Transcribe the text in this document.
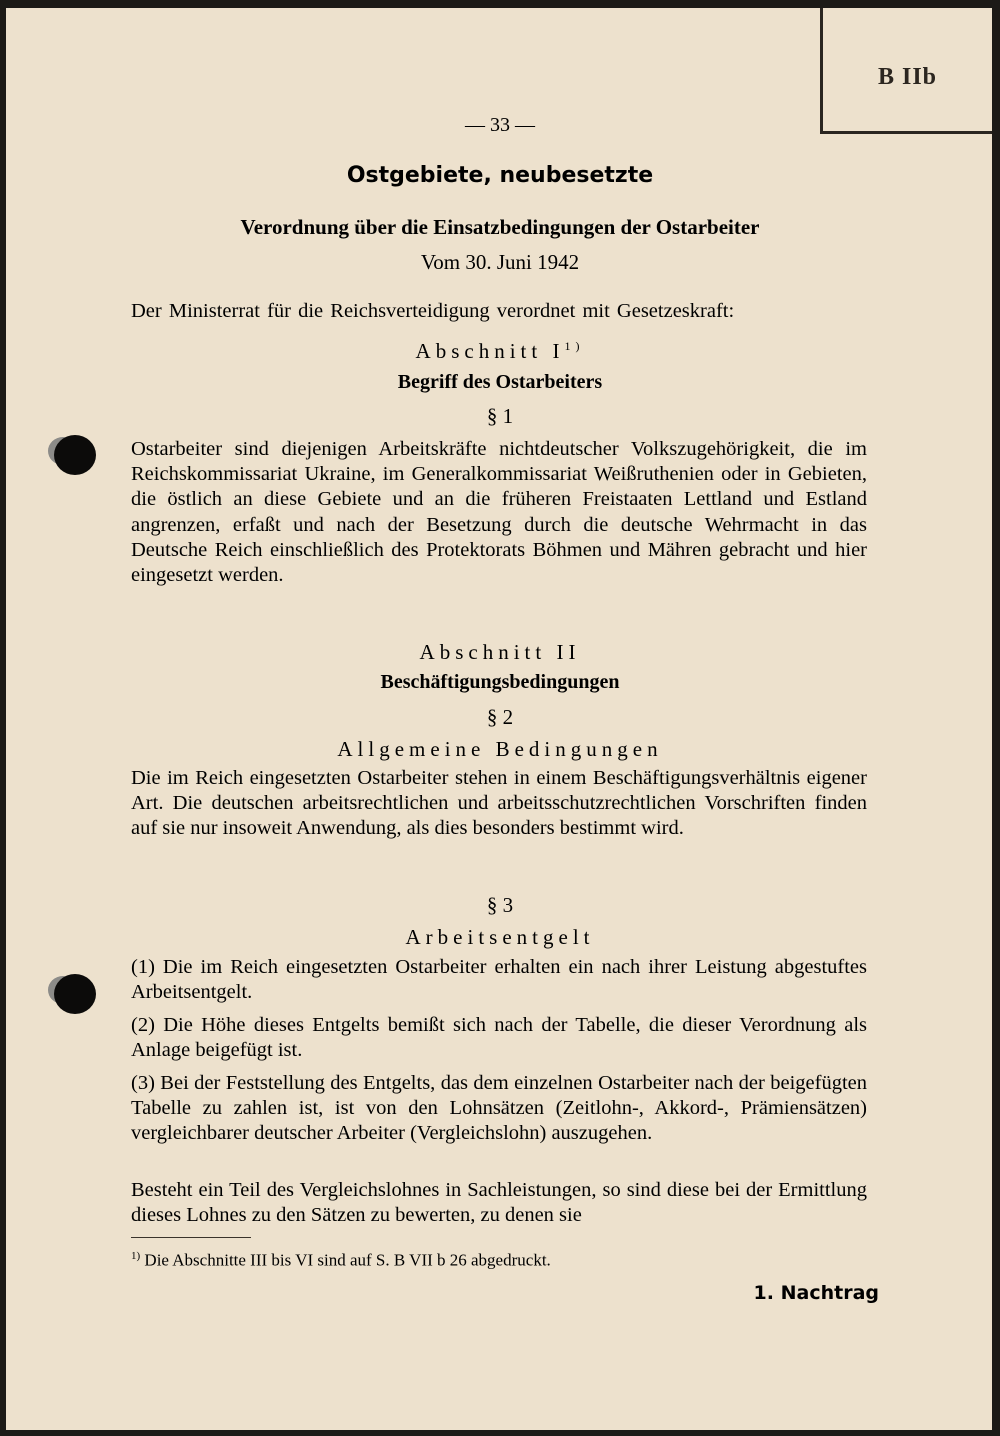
B IIb
— 33 —
Ostgebiete, neubesetzte
Verordnung über die Einsatzbedingungen der Ostarbeiter
Vom 30. Juni 1942
Der Ministerrat für die Reichsverteidigung verordnet mit Gesetzeskraft:
Abschnitt $I^{1)}$
Begriff des Ostarbeiters
§ 1

Ostarbeiter sind diejenigen Arbeitskräfte nichtdeutscher Volkszugehörigkeit, die im Reichskommissariat Ukraine, im Generalkommissariat Weißruthenien oder in Gebieten, die östlich an diese Gebiete und an die früheren Freistaaten Lettland und Estland angrenzen, erfaßt und nach der Besetzung durch die deutsche Wehrmacht in das Deutsche Reich einschließlich des Protektorats Böhmen und Mähren gebracht und hier eingesetzt werden.

Abschnitt II
Beschäftigungsbedingungen
§ 2
Allgemeine Bedingungen

Die im Reich eingesetzten Ostarbeiter stehen in einem Beschäftigungsverhältnis eigener Art. Die deutschen arbeitsrechtlichen und arbeitsschutzrechtlichen Vorschriften finden auf sie nur insoweit Anwendung, als dies besonders bestimmt wird.

§ 3
Arbeitsentgelt

(1) Die im Reich eingesetzten Ostarbeiter erhalten ein nach ihrer Leistung abgestuftes Arbeitsentgelt.

(2) Die Höhe dieses Entgelts bemißt sich nach der Tabelle, die dieser Verordnung als Anlage beigefügt ist.

(3) Bei der Feststellung des Entgelts, das dem einzelnen Ostarbeiter nach der beigefügten Tabelle zu zahlen ist, ist von den Lohnsätzen (Zeitlohn-, Akkord-, Prämiensätzen) vergleichbarer deutscher Arbeiter (Vergleichslohn) auszugehen.

Besteht ein Teil des Vergleichslohnes in Sachleistungen, so sind diese bei der Ermittlung dieses Lohnes zu den Sätzen zu bewerten, zu denen sie

$^{1)}$ Die Abschnitte III bis VI sind auf S. B VII b 26 abgedruckt.
1. Nachtrag
